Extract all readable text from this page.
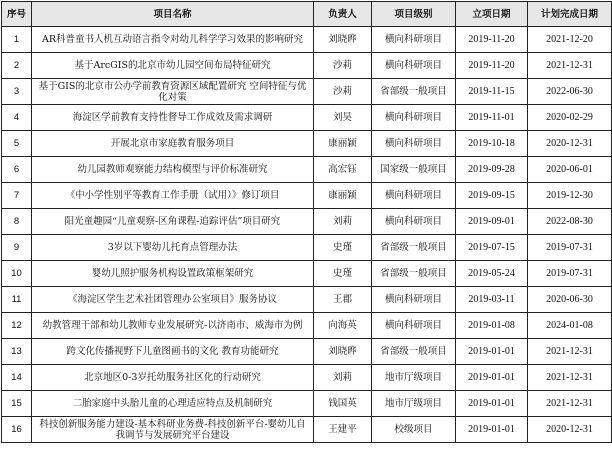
序号	项目名称	负责人	项目级别	立项日期	计划完成日期
1	AR科普童书人机互动语言指令对幼儿科学学习效果的影响研究	刘晓晔	横向科研项目	2019-11-20	2021-12-20
2	基于ArcGIS的北京市幼儿园空间布局特征研究	沙莉	横向科研项目	2019-11-20	2021-12-31
3	基于GIS的北京市公办学前教育资源区域配置研究 空间特征与优化对策	沙莉	省部级一般项目	2019-11-15	2022-06-30
4	海淀区学前教育支持性督导工作成效及需求调研	刘昊	横向科研项目	2019-11-01	2020-02-29
5	开展北京市家庭教育服务项目	康丽颖	横向科研项目	2019-10-18	2020-12-31
6	幼儿园教师观察能力结构模型与评价标准研究	高宏钰	国家级一般项目	2019-09-28	2020-06-01
7	《中小学性别平等教育工作手册（试用）》修订项目	康丽颖	横向科研项目	2019-09-15	2019-12-30
8	阳光童趣园“儿童观察-区角课程-追踪评估”项目研究	刘莉	横向科研项目	2019-09-01	2022-08-30
9	3岁以下婴幼儿托育点管理办法	史瑾	省部级一般项目	2019-07-15	2019-07-31
10	婴幼儿照护服务机构设置政策框架研究	史瑾	省部级一般项目	2019-05-24	2019-07-31
11	《海淀区学生艺术社团管理办公室项目》服务协议	王郡	横向科研项目	2019-03-11	2020-06-30
12	幼教管理干部和幼儿教师专业发展研究-以济南市、威海市为例	向海英	横向科研项目	2019-01-08	2024-01-08
13	跨文化传播视野下儿童图画书的文化 教育功能研究	刘晓晔	省部级一般项目	2019-01-01	2021-12-31
14	北京地区0-3岁托幼服务社区化的行动研究	刘莉	地市厅级项目	2019-01-01	2021-12-31
15	二胎家庭中头胎儿童的心理适应特点及机制研究	钱国英	地市厅级项目	2019-01-01	2021-12-31
16	科技创新服务能力建设-基本科研业务费-科技创新平台-婴幼儿自我调节与发展研究平台建设	王建平	校级项目	2019-01-01	2020-12-31
